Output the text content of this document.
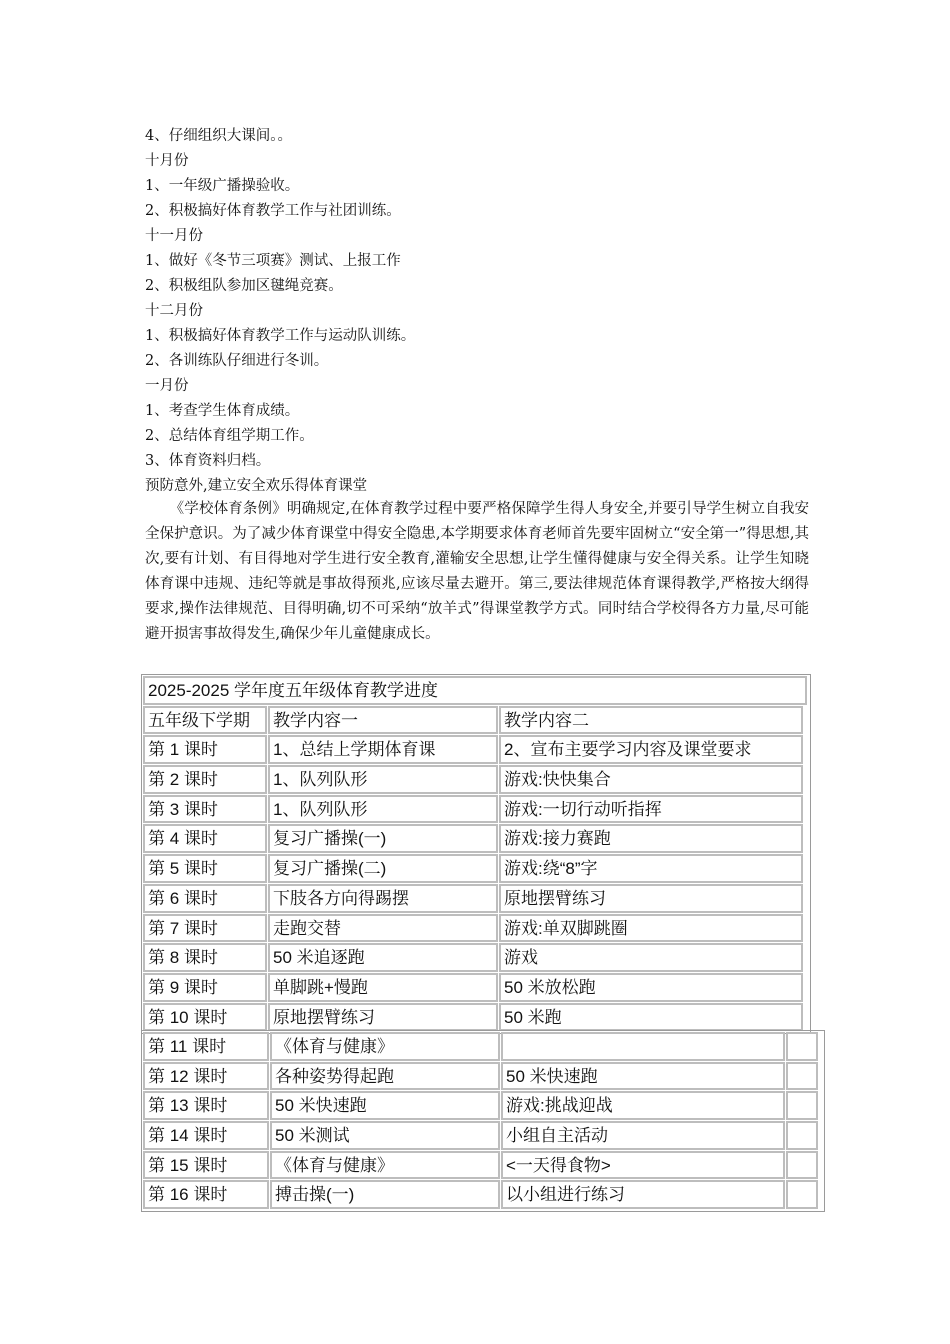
4、仔细组织大课间。。
十月份
1、一年级广播操验收。
2、积极搞好体育教学工作与社团训练。
十一月份
1、做好《冬节三项赛》测试、上报工作
2、积极组队参加区毽绳竞赛。
十二月份
1、积极搞好体育教学工作与运动队训练。
2、各训练队仔细进行冬训。
一月份
1、考查学生体育成绩。
2、总结体育组学期工作。
3、体育资料归档。
预防意外,建立安全欢乐得体育课堂
《学校体育条例》明确规定,在体育教学过程中要严格保障学生得人身安全,并要引导学生树立自我安全保护意识。为了减少体育课堂中得安全隐患,本学期要求体育老师首先要牢固树立“安全第一”得思想,其次,要有计划、有目得地对学生进行安全教育,灌输安全思想,让学生懂得健康与安全得关系。让学生知晓体育课中违规、违纪等就是事故得预兆,应该尽量去避开。第三,要法律规范体育课得教学,严格按大纲得要求,操作法律规范、目得明确,切不可采纳“放羊式”得课堂教学方式。同时结合学校得各方力量,尽可能避开损害事故得发生,确保少年儿童健康成长。
2025-2025 学年度五年级体育教学进度
五年级下学期	教学内容一	教学内容二
第 1 课时	1、总结上学期体育课	2、宣布主要学习内容及课堂要求
第 2 课时	1、队列队形	游戏:快快集合
第 3 课时	1、队列队形	游戏:一切行动听指挥
第 4 课时	复习广播操(一)	游戏:接力赛跑
第 5 课时	复习广播操(二)	游戏:绕“8”字
第 6 课时	下肢各方向得踢摆	原地摆臂练习
第 7 课时	走跑交替	游戏:单双脚跳圈
第 8 课时	50 米追逐跑	游戏
第 9 课时	单脚跳+慢跑	50 米放松跑
第 10 课时	原地摆臂练习	50 米跑
第 11 课时	《体育与健康》
第 12 课时	各种姿势得起跑	50 米快速跑
第 13 课时	50 米快速跑	游戏:挑战迎战
第 14 课时	50 米测试	小组自主活动
第 15 课时	《体育与健康》	<一天得食物>
第 16 课时	搏击操(一)	以小组进行练习
